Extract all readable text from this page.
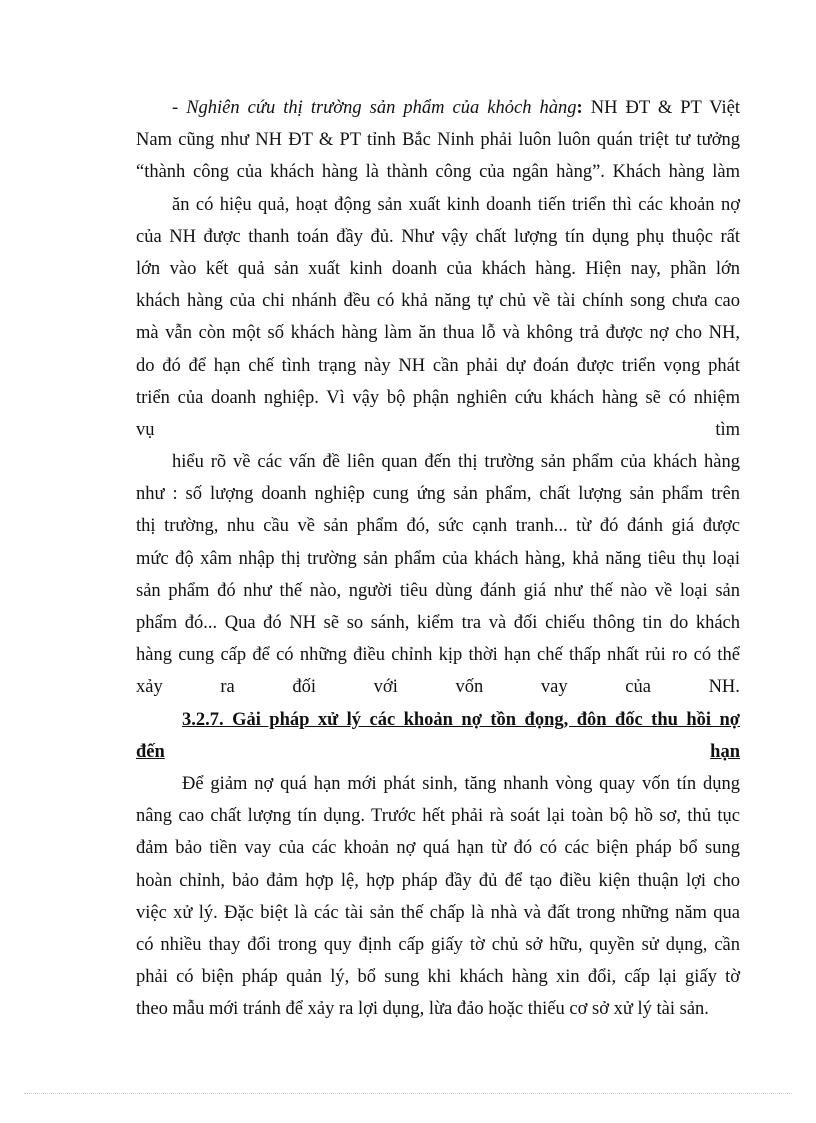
- Nghiên cứu thị trường sản phẩm của khỏch hàng: NH ĐT & PT Việt
Nam cũng như NH ĐT & PT tỉnh Bắc Ninh phải luôn luôn quán triệt tư tưởng
“thành công của khách hàng là thành công của ngân hàng”. Khách hàng làm
ăn có hiệu quả, hoạt động sản xuất kinh doanh tiến triển thì các khoản nợ
của NH được thanh toán đầy đủ. Như vậy chất lượng tín dụng phụ thuộc rất
lớn vào kết quả sản xuất kinh doanh của khách hàng. Hiện nay, phần lớn
khách hàng của chi nhánh đều có khả năng tự chủ về tài chính song chưa cao
mà vẫn còn một số khách hàng làm ăn thua lỗ và không trả được nợ cho NH,
do đó để hạn chế tình trạng này NH cần phải dự đoán được triển vọng phát
triển của doanh nghiệp. Vì vậy bộ phận nghiên cứu khách hàng sẽ có nhiệm
vụ	tìm
hiểu rõ về các vấn đề liên quan đến thị trường sản phẩm của khách hàng
như : số lượng doanh nghiệp cung ứng sản phẩm, chất lượng sản phẩm trên
thị trường, nhu cầu về sản phẩm đó, sức cạnh tranh... từ đó đánh giá được
mức độ xâm nhập thị trường sản phẩm của khách hàng, khả năng tiêu thụ loại
sản phẩm đó như thế nào, người tiêu dùng đánh giá như thế nào về loại sản
phẩm đó... Qua đó NH sẽ so sánh, kiểm tra và đối chiếu thông tin do khách
hàng cung cấp để có những điều chỉnh kịp thời hạn chế thấp nhất rủi ro có thể
xảy	ra	đối	với	vốn	vay	của	NH.
3.2.7. Gải pháp xử lý các khoản nợ tồn đọng, đôn đốc thu hồi nợ
đến	hạn
Để giảm nợ quá hạn mới phát sinh, tăng nhanh vòng quay vốn tín dụng
nâng cao chất lượng tín dụng. Trước hết phải rà soát lại toàn bộ hồ sơ, thủ tục
đảm bảo tiền vay của các khoản nợ quá hạn từ đó có các biện pháp bổ sung
hoàn chỉnh, bảo đảm hợp lệ, hợp pháp đầy đủ để tạo điều kiện thuận lợi cho
việc xử lý. Đặc biệt là các tài sản thế chấp là nhà và đất trong những năm qua
có nhiều thay đổi trong quy định cấp giấy tờ chủ sở hữu, quyền sử dụng, cần
phải có biện pháp quản lý, bổ sung khi khách hàng xin đổi, cấp lại giấy tờ
theo mẫu mới tránh để xảy ra lợi dụng, lừa đảo hoặc thiếu cơ sở xử lý tài sản.
